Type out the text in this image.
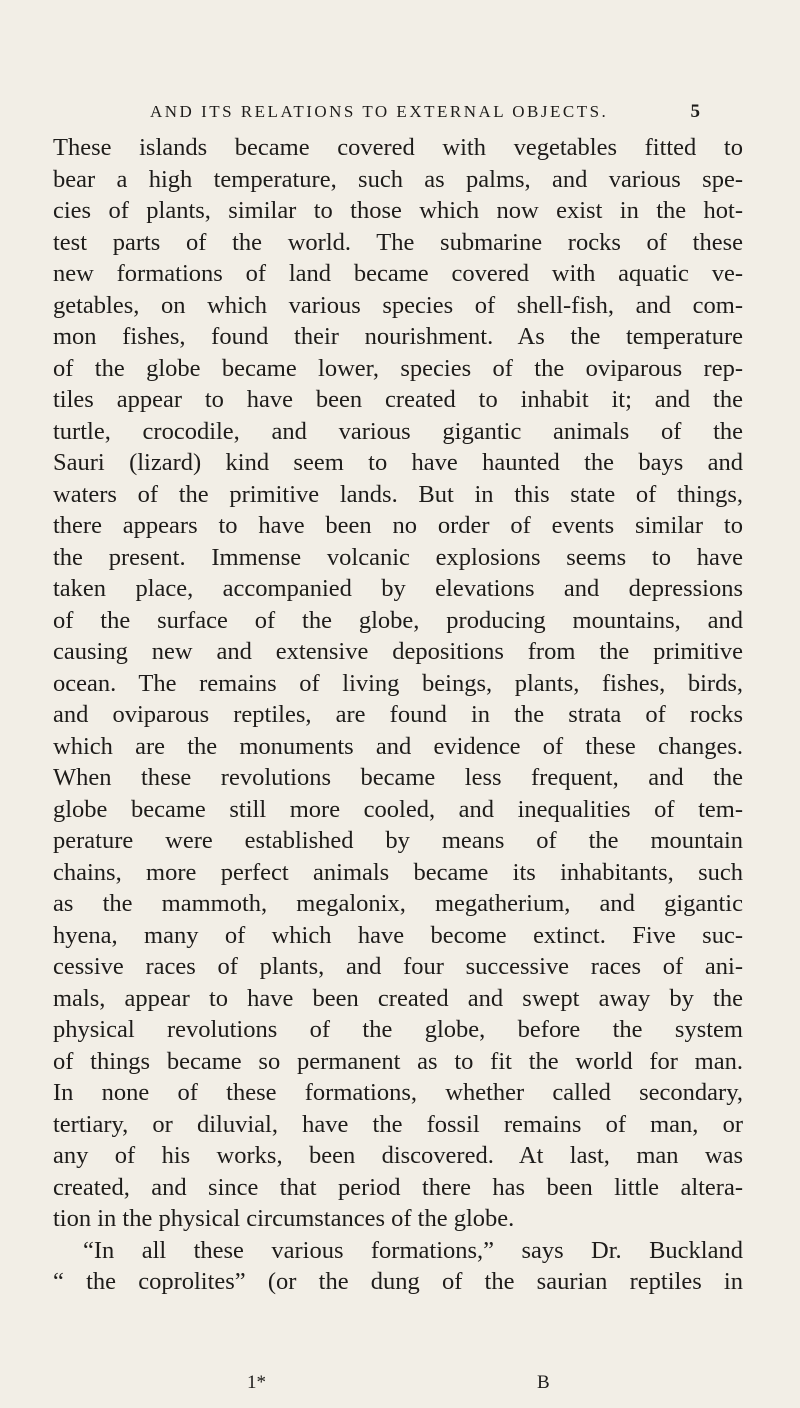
AND ITS RELATIONS TO EXTERNAL OBJECTS.	5
These islands became covered with vegetables fitted to
bear a high temperature, such as palms, and various spe-
cies of plants, similar to those which now exist in the hot-
test parts of the world. The submarine rocks of these
new formations of land became covered with aquatic ve-
getables, on which various species of shell-fish, and com-
mon fishes, found their nourishment. As the temperature
of the globe became lower, species of the oviparous rep-
tiles appear to have been created to inhabit it; and the
turtle, crocodile, and various gigantic animals of the
Sauri (lizard) kind seem to have haunted the bays and
waters of the primitive lands. But in this state of things,
there appears to have been no order of events similar to
the present. Immense volcanic explosions seems to have
taken place, accompanied by elevations and depressions
of the surface of the globe, producing mountains, and
causing new and extensive depositions from the primitive
ocean. The remains of living beings, plants, fishes, birds,
and oviparous reptiles, are found in the strata of rocks
which are the monuments and evidence of these changes.
When these revolutions became less frequent, and the
globe became still more cooled, and inequalities of tem-
perature were established by means of the mountain
chains, more perfect animals became its inhabitants, such
as the mammoth, megalonix, megatherium, and gigantic
hyena, many of which have become extinct. Five suc-
cessive races of plants, and four successive races of ani-
mals, appear to have been created and swept away by the
physical revolutions of the globe, before the system
of things became so permanent as to fit the world for man.
In none of these formations, whether called secondary,
tertiary, or diluvial, have the fossil remains of man, or
any of his works, been discovered. At last, man was
created, and since that period there has been little altera-
tion in the physical circumstances of the globe.
“In all these various formations,” says Dr. Buckland
“ the coprolites” (or the dung of the saurian reptiles in
1*	B
